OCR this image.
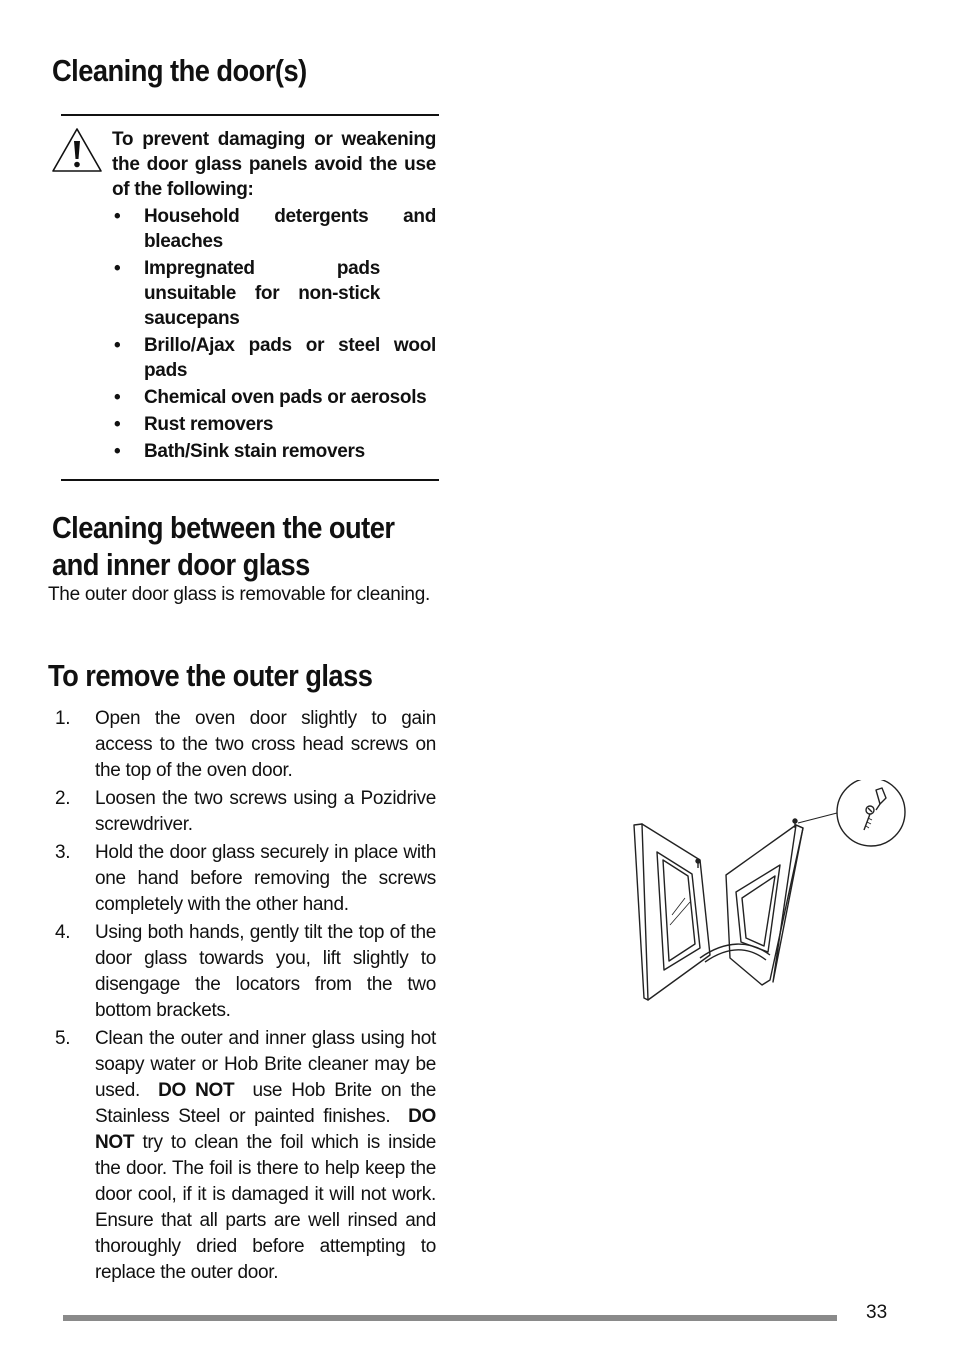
Cleaning the door(s)

To prevent damaging or weakening the door glass panels avoid the use of the following:

• Household detergents and bleaches
• Impregnated pads unsuitable for non-stick saucepans
• Brillo/Ajax pads or steel wool pads
• Chemical oven pads or aerosols
• Rust removers
• Bath/Sink stain removers
Cleaning between the outer
and inner door glass

The outer door glass is removable for cleaning.

To remove the outer glass
1. Open the oven door slightly to gain access to the two cross head screws on the top of the oven door.
2. Loosen the two screws using a Pozidrive screwdriver.
3. Hold the door glass securely in place with one hand before removing the screws completely with the other hand.
4. Using both hands, gently tilt the top of the door glass towards you, lift slightly to disengage the locators from the two bottom brackets.
5. Clean the outer and inner glass using hot soapy water or Hob Brite cleaner may be used. DO NOT use Hob Brite on the Stainless Steel or painted finishes. DO NOT try to clean the foil which is inside the door. The foil is there to help keep the door cool, if it is damaged it will not work. Ensure that all parts are well rinsed and thoroughly dried before attempting to replace the outer door.
33
